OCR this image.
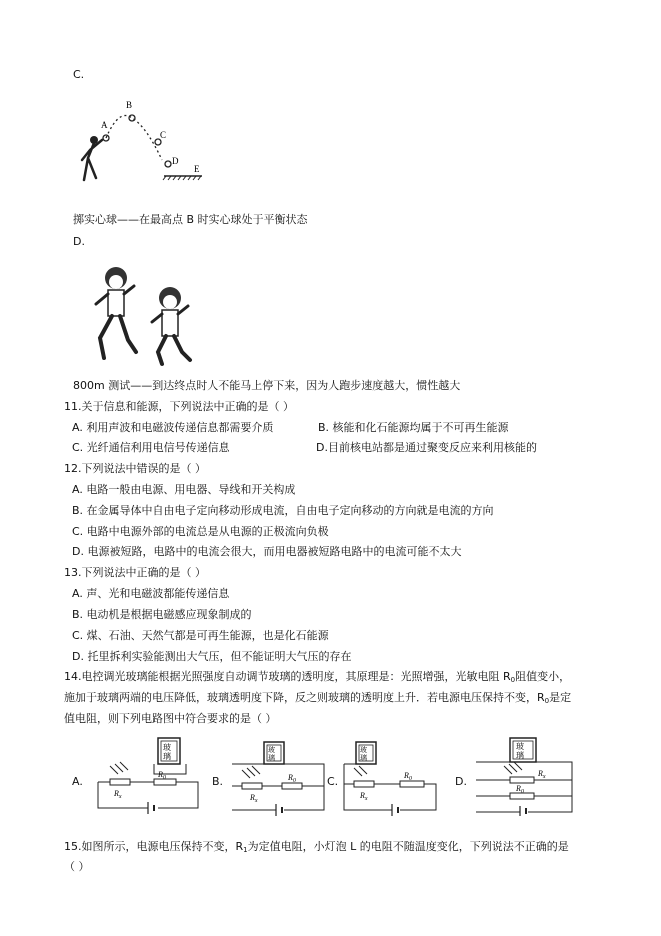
C.
A
B
C
D
E
掷实心球——在最高点 B 时实心球处于平衡状态
D.
800m 测试——到达终点时人不能马上停下来，因为人跑步速度越大，惯性越大
11.关于信息和能源，下列说法中正确的是（ ）
A. 利用声波和电磁波传递信息都需要介质	B. 核能和化石能源均属于不可再生能源
C. 光纤通信利用电信号传递信息	D.目前核电站都是通过聚变反应来利用核能的
12.下列说法中错误的是（ ）
A. 电路一般由电源、用电器、导线和开关构成
B. 在金属导体中自由电子定向移动形成电流，自由电子定向移动的方向就是电流的方向
C. 电路中电源外部的电流总是从电源的正极流向负极
D. 电源被短路，电路中的电流会很大，而用电器被短路电路中的电流可能不太大
13.下列说法中正确的是（ ）
A. 声、光和电磁波都能传递信息
B. 电动机是根据电磁感应现象制成的
C. 煤、石油、天然气都是可再生能源，也是化石能源
D. 托里拆利实验能测出大气压，但不能证明大气压的存在
14.电控调光玻璃能根据光照强度自动调节玻璃的透明度，其原理是：光照增强，光敏电阻 $R_0$阻值变小，
施加于玻璃两端的电压降低，玻璃透明度下降，反之则玻璃的透明度上升．若电源电压保持不变，$R_0$是定
值电阻，则下列电路图中符合要求的是（ ）
A.	B.	C.	D.
玻
璃
$R_0$
$R_x$
玻
璃
$R_0$
$R_x$
玻
璃
$R_0$
$R_x$
玻
璃
$R_x$
$R_0$
15.如图所示，电源电压保持不变，$R_1$为定值电阻，小灯泡 L 的电阻不随温度变化，下列说法不正确的是
（ ）
